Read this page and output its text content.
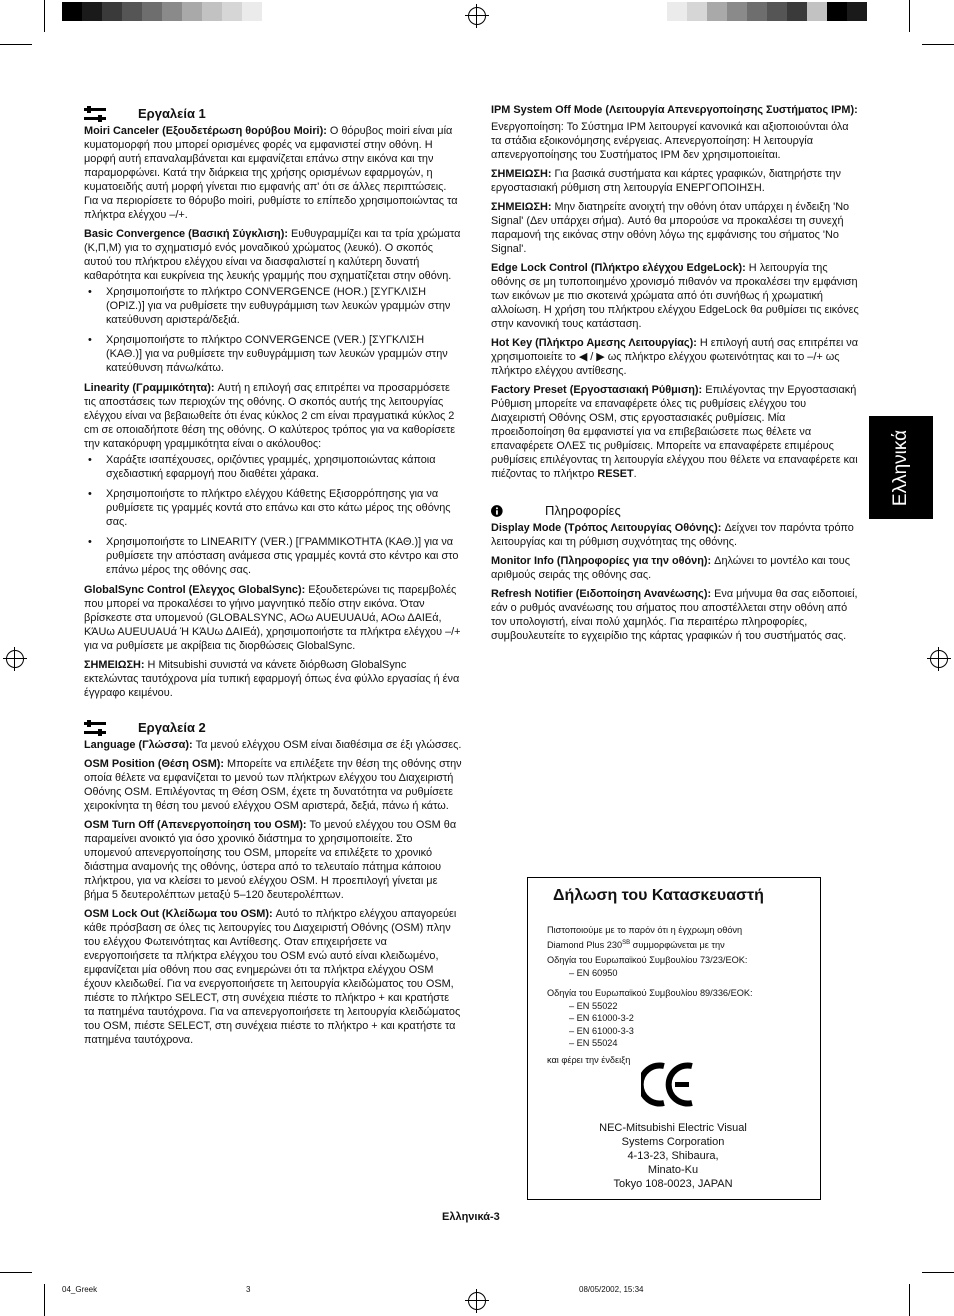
Εργαλεία 1

Moiri Canceler (Εξουδετέρωση θορύβου Moiri): Ο θόρυβος moiri είναι μία κυματομορφή που μπορεί ορισμένες φορές να εμφανιστεί στην οθόνη. Η μορφή αυτή επαναλαμβάνεται και εμφανίζεται επάνω στην εικόνα και την παραμορφώνει. Κατά την διάρκεια της χρήσης ορισμένων εφαρμογών, η κυματοειδής αυτή μορφή γίνεται πιο εμφανής απ' ότι σε άλλες περιπτώσεις. Για να περιορίσετε το θόρυβο moiri, ρυθμίστε το επίπεδο χρησιμοποιώντας τα πλήκτρα ελέγχου –/+.

Basic Convergence (Βασική Σύγκλιση): Ευθυγραμμίζει και τα τρία χρώματα (Κ,Π,Μ) για το σχηματισμό ενός μοναδικού χρώματος (λευκό). Ο σκοπός αυτού του πλήκτρου ελέγχου είναι να διασφαλιστεί η καλύτερη δυνατή καθαρότητα και ευκρίνεια της λευκής γραμμής που σχηματίζεται στην οθόνη.

• Χρησιμοποιήστε το πλήκτρο CONVERGENCE (HOR.) [ΣΥΓΚΛΙΣΗ (ΟΡΙΖ.)] για να ρυθμίσετε την ευθυγράμμιση των λευκών γραμμών στην κατεύθυνση αριστερά/δεξιά.
• Χρησιμοποιήστε το πλήκτρο CONVERGENCE (VER.) [ΣΥΓΚΛΙΣΗ (ΚΑΘ.)] για να ρυθμίσετε την ευθυγράμμιση των λευκών γραμμών στην κατεύθυνση πάνω/κάτω.

Linearity (Γραμμικότητα): Αυτή η επιλογή σας επιτρέπει να προσαρμόσετε τις αποστάσεις των περιοχών της οθόνης. Ο σκοπός αυτής της λειτουργίας ελέγχου είναι να βεβαιωθείτε ότι ένας κύκλος 2 cm είναι πραγματικά κύκλος 2 cm σε οποιαδήποτε θέση της οθόνης. Ο καλύτερος τρόπος για να καθορίσετε την κατακόρυφη γραμμικότητα είναι ο ακόλουθος:

• Χαράξτε ισαπέχουσες, οριζόντιες γραμμές, χρησιμοποιώντας κάποια σχεδιαστική εφαρμογή που διαθέτει χάρακα.
• Χρησιμοποιήστε το πλήκτρο ελέγχου Κάθετης Εξισορρόπησης για να ρυθμίσετε τις γραμμές κοντά στο επάνω και στο κάτω μέρος της οθόνης σας.
• Χρησιμοποιήστε το LINEARITY (VER.) [ΓΡΑΜΜΙΚΟΤΗΤΑ (ΚΑΘ.)] για να ρυθμίσετε την απόσταση ανάμεσα στις γραμμές κοντά στο κέντρο και στο επάνω μέρος της οθόνης σας.

GlobalSync Control (Ελεγχος GlobalSync): Εξουδετερώνει τις παρεμβολές που μπορεί να προκαλέσει το γήινο μαγνητικό πεδίο στην εικόνα. Όταν βρίσκεστε στα υπομενού (GLOBALSYNC, ΑΟω ΑUΕUUΑUά, ΑΟω ΔΑΙΕά, ΚΆUω ΑUΕUUΑUά Ή ΚΆUω ΔΑΙΕά), χρησιμοποιήστε τα πλήκτρα ελέγχου –/+ για να ρυθμίσετε με ακρίβεια τις διορθώσεις GlobalSync.

ΣΗΜΕΙΩΣΗ: Η Mitsubishi συνιστά να κάνετε διόρθωση GlobalSync εκτελώντας ταυτόχρονα μία τυπική εφαρμογή όπως ένα φύλλο εργασίας ή ένα έγγραφο κειμένου.

Εργαλεία 2

Language (Γλώσσα): Τα μενού ελέγχου OSM είναι διαθέσιμα σε έξι γλώσσες.

OSM Position (Θέση OSM): Μπορείτε να επιλέξετε την θέση της οθόνης στην οποία θέλετε να εμφανίζεται το μενού των πλήκτρων ελέγχου του Διαχειριστή Οθόνης OSM. Επιλέγοντας τη Θέση OSM, έχετε τη δυνατότητα να ρυθμίσετε χειροκίνητα τη θέση του μενού ελέγχου OSM αριστερά, δεξιά, πάνω ή κάτω.

OSM Turn Off (Απενεργοποίηση του OSM): Το μενού ελέγχου του OSM θα παραμείνει ανοικτό για όσο χρονικό διάστημα το χρησιμοποιείτε. Στο υπομενού απενεργοποίησης του OSM, μπορείτε να επιλέξετε το χρονικό διάστημα αναμονής της οθόνης, ύστερα από το τελευταίο πάτημα κάποιου πλήκτρου, για να κλείσει το μενού ελέγχου OSM. Η προεπιλογή γίνεται με βήμα 5 δευτερολέπτων μεταξύ 5–120 δευτερολέπτων.

OSM Lock Out (Κλείδωμα του OSM): Αυτό το πλήκτρο ελέγχου απαγορεύει κάθε πρόσβαση σε όλες τις λειτουργίες του Διαχειριστή Οθόνης (OSM) πλην του ελέγχου Φωτεινότητας και Αντίθεσης. Οταν επιχειρήσετε να ενεργοποιήσετε τα πλήκτρα ελέγχου του OSM ενώ αυτό είναι κλειδωμένο, εμφανίζεται μία οθόνη που σας ενημερώνει ότι τα πλήκτρα ελέγχου OSM έχουν κλειδωθεί. Για να ενεργοποιήσετε τη λειτουργία κλειδώματος του OSM, πιέστε το πλήκτρο SELECT, στη συνέχεια πιέστε το πλήκτρο + και κρατήστε τα πατημένα ταυτόχρονα. Για να απενεργοποιήσετε τη λειτουργία κλειδώματος του OSM, πιέστε SELECT, στη συνέχεια πιέστε το πλήκτρο + και κρατήστε τα πατημένα ταυτόχρονα.

IPM System Off Mode (Λειτουργία Απενεργοποίησης Συστήματος IPM):

Ενεργοποίηση: Το Σύστημα IPM λειτουργεί κανονικά και αξιοποιούνται όλα τα στάδια εξοικονόμησης ενέργειας. Απενεργοποίηση: Η λειτουργία απενεργοποίησης του Συστήματος IPM δεν χρησιμοποιείται.

ΣΗΜΕΙΩΣΗ: Για βασικά συστήματα και κάρτες γραφικών, διατηρήστε την εργοστασιακή ρύθμιση στη λειτουργία ΕΝΕΡΓΟΠΟΙΗΣΗ.

ΣΗΜΕΙΩΣΗ: Μην διατηρείτε ανοιχτή την οθόνη όταν υπάρχει η ένδειξη 'No Signal' (Δεν υπάρχει σήμα). Αυτό θα μπορούσε να προκαλέσει τη συνεχή παραμονή της εικόνας στην οθόνη λόγω της εμφάνισης του σήματος 'No Signal'.

Edge Lock Control (Πλήκτρο ελέγχου EdgeLock): Η λειτουργία της οθόνης σε μη τυποποιημένο χρονισμό πιθανόν να προκαλέσει την εμφάνιση των εικόνων με πιο σκοτεινά χρώματα από ότι συνήθως ή χρωματική αλλοίωση. Η χρήση του πλήκτρου ελέγχου EdgeLock θα ρυθμίσει τις εικόνες στην κανονική τους κατάσταση.

Hot Key (Πλήκτρο Αμεσης Λειτουργίας): Η επιλογή αυτή σας επιτρέπει να χρησιμοποιείτε το ◀ / ▶ ως πλήκτρο ελέγχου φωτεινότητας και το –/+ ως πλήκτρο ελέγχου αντίθεσης.

Factory Preset (Εργοστασιακή Ρύθμιση): Επιλέγοντας την Εργοστασιακή Ρύθμιση μπορείτε να επαναφέρετε όλες τις ρυθμίσεις ελέγχου του Διαχειριστή Οθόνης OSM, στις εργοστασιακές ρυθμίσεις. Μία προειδοποίηση θα εμφανιστεί για να επιβεβαιώσετε πως θέλετε να επαναφέρετε ΟΛΕΣ τις ρυθμίσεις. Μπορείτε να επαναφέρετε επιμέρους ρυθμίσεις επιλέγοντας τη λειτουργία ελέγχου που θέλετε να επαναφέρετε και πιέζοντας το πλήκτρο RESET.

Πληροφορίες

Display Mode (Τρόπος Λειτουργίας Οθόνης): Δείχνει τον παρόντα τρόπο λειτουργίας και τη ρύθμιση συχνότητας της οθόνης.

Monitor Info (Πληροφορίες για την οθόνη): Δηλώνει το μοντέλο και τους αριθμούς σειράς της οθόνης σας.

Refresh Notifier (Ειδοποίηση Ανανέωσης): Ενα μήνυμα θα σας ειδοποιεί, εάν ο ρυθμός ανανέωσης του σήματος που αποστέλλεται στην οθόνη από τον υπολογιστή, είναι πολύ χαμηλός. Για περαιτέρω πληροφορίες, συμβουλευτείτε το εγχειρίδιο της κάρτας γραφικών ή του συστήματός σας.

Ελληνικά
Δήλωση του Κατασκευαστή

Πιστοποιούμε με το παρόν ότι η έγχρωμη οθόνη

Diamond Plus $230^{SB}$ συμμορφώνεται με την

Οδηγία του Ευρωπαϊκού Συμβουλίου 73/23/ΕΟΚ:

– EN 60950

Οδηγία του Ευρωπαϊκού Συμβουλίου 89/336/ΕΟΚ:

– EN 55022

– EN 61000-3-2

– EN 61000-3-3

– EN 55024

και φέρει την ένδειξη

NEC-Mitsubishi Electric Visual
Systems Corporation
4-13-23, Shibaura,
Minato-Ku
Tokyo 108-0023, JAPAN
Ελληνικά-3
04_Greek	3	08/05/2002, 15:34
